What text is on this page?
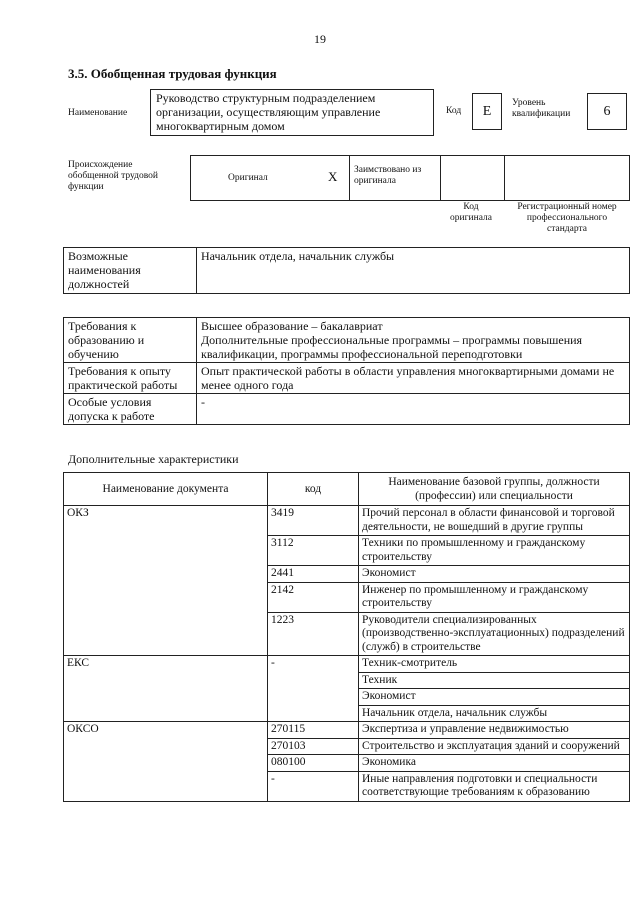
19
3.5. Обобщенная трудовая функция
Наименование
Руководство структурным подразделением организации, осуществляющим управление многоквартирным домом
Код	E
Уровень квалификации	6
Происхождение обобщенной трудовой функции
Оригинал	X Заимствовано из оригинала
Код оригинала
Регистрационный номер профессионального стандарта
Возможные наименования должностей	Начальник отдела, начальник службы
Требования к образованию и обучению	Высшее образование – бакалавриат
Дополнительные профессиональные программы – программы повышения квалификации, программы профессиональной переподготовки

Требования к опыту практической работы	Опыт практической работы в области управления многоквартирными домами не менее одного года

Особые условия допуска к работе	-
Дополнительные характеристики
Наименование документа	код	Наименование базовой группы, должности (профессии) или специальности
ОКЗ	3419	Прочий персонал в области финансовой и торговой деятельности, не вошедший в другие группы
	3112	Техники по промышленному и гражданскому строительству
	2441	Экономист
	2142	Инженер по промышленному и гражданскому строительству
	1223	Руководители специализированных (производственно-эксплуатационных) подразделений (служб) в строительстве
ЕКС	-	Техник-смотритель
		Техник
		Экономист
		Начальник отдела, начальник службы
ОКСО	270115	Экспертиза и управление недвижимостью
	270103	Строительство и эксплуатация зданий и сооружений
	080100	Экономика
	-	Иные направления подготовки и специальности соответствующие требованиям к образованию
